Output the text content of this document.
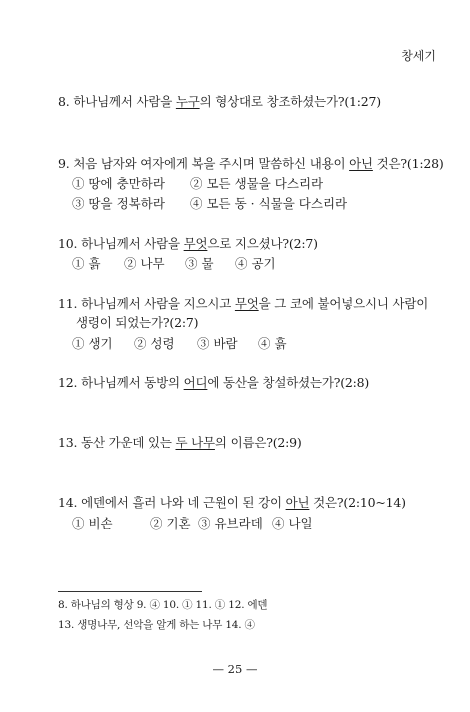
창세기
8. 하나님께서 사람을 누구의 형상대로 창조하셨는가?(1:27)
9. 처음 남자와 여자에게 복을 주시며 말씀하신 내용이 아닌 것은?(1:28)
① 땅에 충만하라 ② 모든 생물을 다스리라
③ 땅을 정복하라 ④ 모든 동 · 식물을 다스리라
10. 하나님께서 사람을 무엇으로 지으셨나?(2:7)
① 흙 ② 나무 ③ 물 ④ 공기
11. 하나님께서 사람을 지으시고 무엇을 그 코에 불어넣으시니 사람이
생령이 되었는가?(2:7)
① 생기 ② 성령 ③ 바람 ④ 흙
12. 하나님께서 동방의 어디에 동산을 창설하셨는가?(2:8)
13. 동산 가운데 있는 두 나무의 이름은?(2:9)
14. 에덴에서 흘러 나와 네 근원이 된 강이 아닌 것은?(2:10~14)
① 비손	② 기혼 ③ 유브라데 ④ 나일
8. 하나님의 형상 9. ④ 10. ① 11. ① 12. 에덴
13. 생명나무, 선악을 알게 하는 나무 14. ④
— 25 —
